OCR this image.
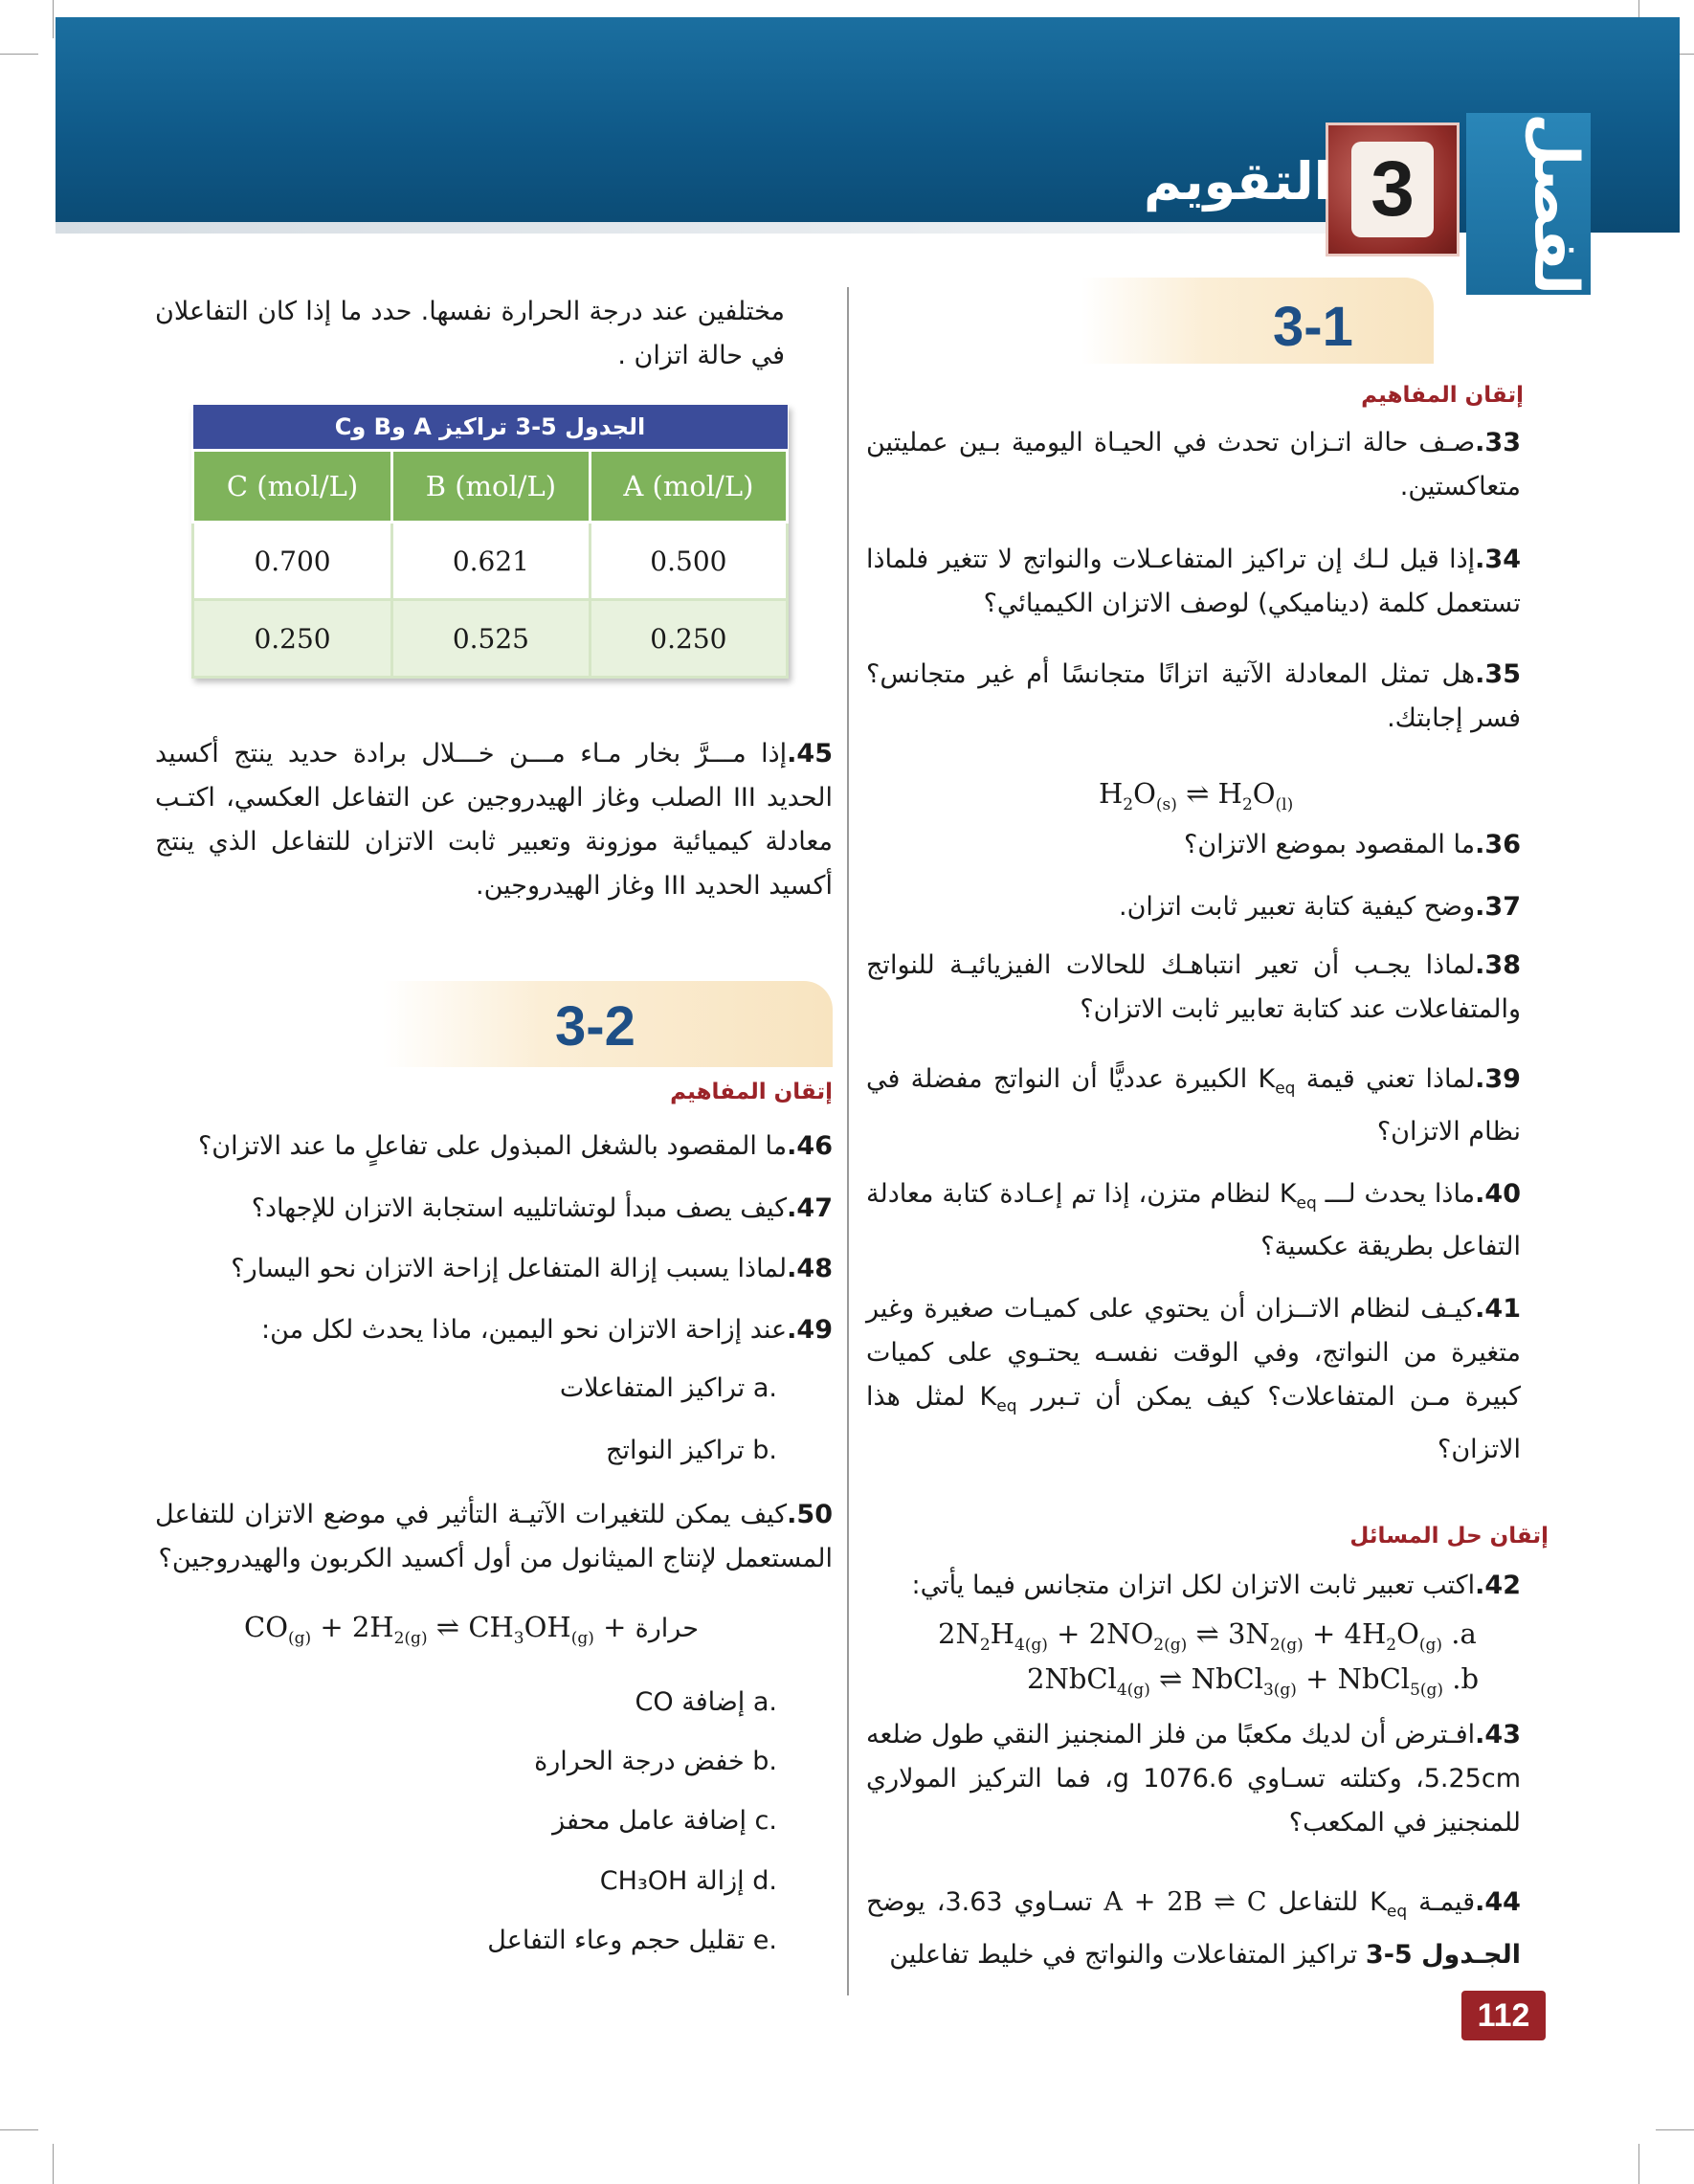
الفصل
3
التقويم
3-1
إتقان المفاهيم
33.صـف حالة اتـزان تحدث في الحيـاة اليومية بـين عمليتين متعاكستين.
34.إذا قيل لـك إن تراكيز المتفاعـلات والنواتج لا تتغير فلماذا تستعمل كلمة (ديناميكي) لوصف الاتزان الكيميائي؟
35.هل تمثل المعادلة الآتية اتزانًا متجانسًا أم غير متجانس؟ فسر إجابتك.
$H_2O_{(s)}$ ⇌ $H_2O_{(l)}$
36.ما المقصود بموضع الاتزان؟
37.وضح كيفية كتابة تعبير ثابت اتزان.
38.لماذا يجـب أن تعير انتباهـك للحالات الفيزيائيـة للنواتج والمتفاعلات عند كتابة تعابير ثابت الاتزان؟
39.لماذا تعني قيمة $K_{eq}$ الكبيرة عدديًّا أن النواتج مفضلة في نظام الاتزان؟
40.ماذا يحدث لـــ $K_{eq}$ لنظام متزن، إذا تم إعـادة كتابة معادلة التفاعل بطريقة عكسية؟
41.كيـف لنظام الاتــزان أن يحتوي على كميـات صغيرة وغير متغيرة من النواتج، وفي الوقت نفسـه يحتـوي على كميات كبيرة مـن المتفاعلات؟ كيف يمكن أن تـبرر $K_{eq}$ لمثل هذا الاتزان؟
إتقان حل المسائل
42.اكتب تعبير ثابت الاتزان لكل اتزان متجانس فيما يأتي:
$2N_2H_{4(g)} + 2NO_{2(g)}$ ⇌ $3N_{2(g)} + 4H_2O_{(g)}$ .a
2NbCl$_{4(g)}$ ⇌ NbCl$_{3(g)}$ + NbCl$_{5(g)}$ .b
43.افـترض أن لديك مكعبًا من فلز المنجنيز النقي طول ضلعه 5.25cm، وكتلته تسـاوي 1076.6 g، فما التركيز المولاري للمنجنيز في المكعب؟
44.قيمـة $K_{eq}$ للتفاعل A + 2B ⇌ C تسـاوي 3.63، يوضح الجـدول 5-3 تراكيز المتفاعلات والنواتج في خليط تفاعلين
مختلفين عند درجة الحرارة نفسها. حدد ما إذا كان التفاعلان في حالة اتزان .
الجدول 5-3 تراكيز A وB وC		
A (mol/L)	B (mol/L)	C (mol/L)
0.500	0.621	0.700
0.250	0.525	0.250
45.إذا مـــرَّ بخار مـاء مـــن خـــلال برادة حديد ينتج أكسيد الحديد III الصلب وغاز الهيدروجين عن التفاعل العكسي، اكتـب معادلة كيميائية موزونة وتعبير ثابت الاتزان للتفاعل الذي ينتج أكسيد الحديد III وغاز الهيدروجين.
3-2
إتقان المفاهيم
46.ما المقصود بالشغل المبذول على تفاعلٍ ما عند الاتزان؟
47.كيف يصف مبدأ لوتشاتلييه استجابة الاتزان للإجهاد؟
48.لماذا يسبب إزالة المتفاعل إزاحة الاتزان نحو اليسار؟
49.عند إزاحة الاتزان نحو اليمين، ماذا يحدث لكل من:
.a تراكيز المتفاعلات
.b تراكيز النواتج
50.كيف يمكن للتغيرات الآتيـة التأثير في موضع الاتزان للتفاعل المستعمل لإنتاج الميثانول من أول أكسيد الكربون والهيدروجين؟
$CO_{(g)} + 2H_{2(g)}$ ⇌ $CH_3OH_{(g)}$ + حرارة
.a إضافة CO
.b خفض درجة الحرارة
.c إضافة عامل محفز
.d إزالة CH₃OH
.e تقليل حجم وعاء التفاعل
112
